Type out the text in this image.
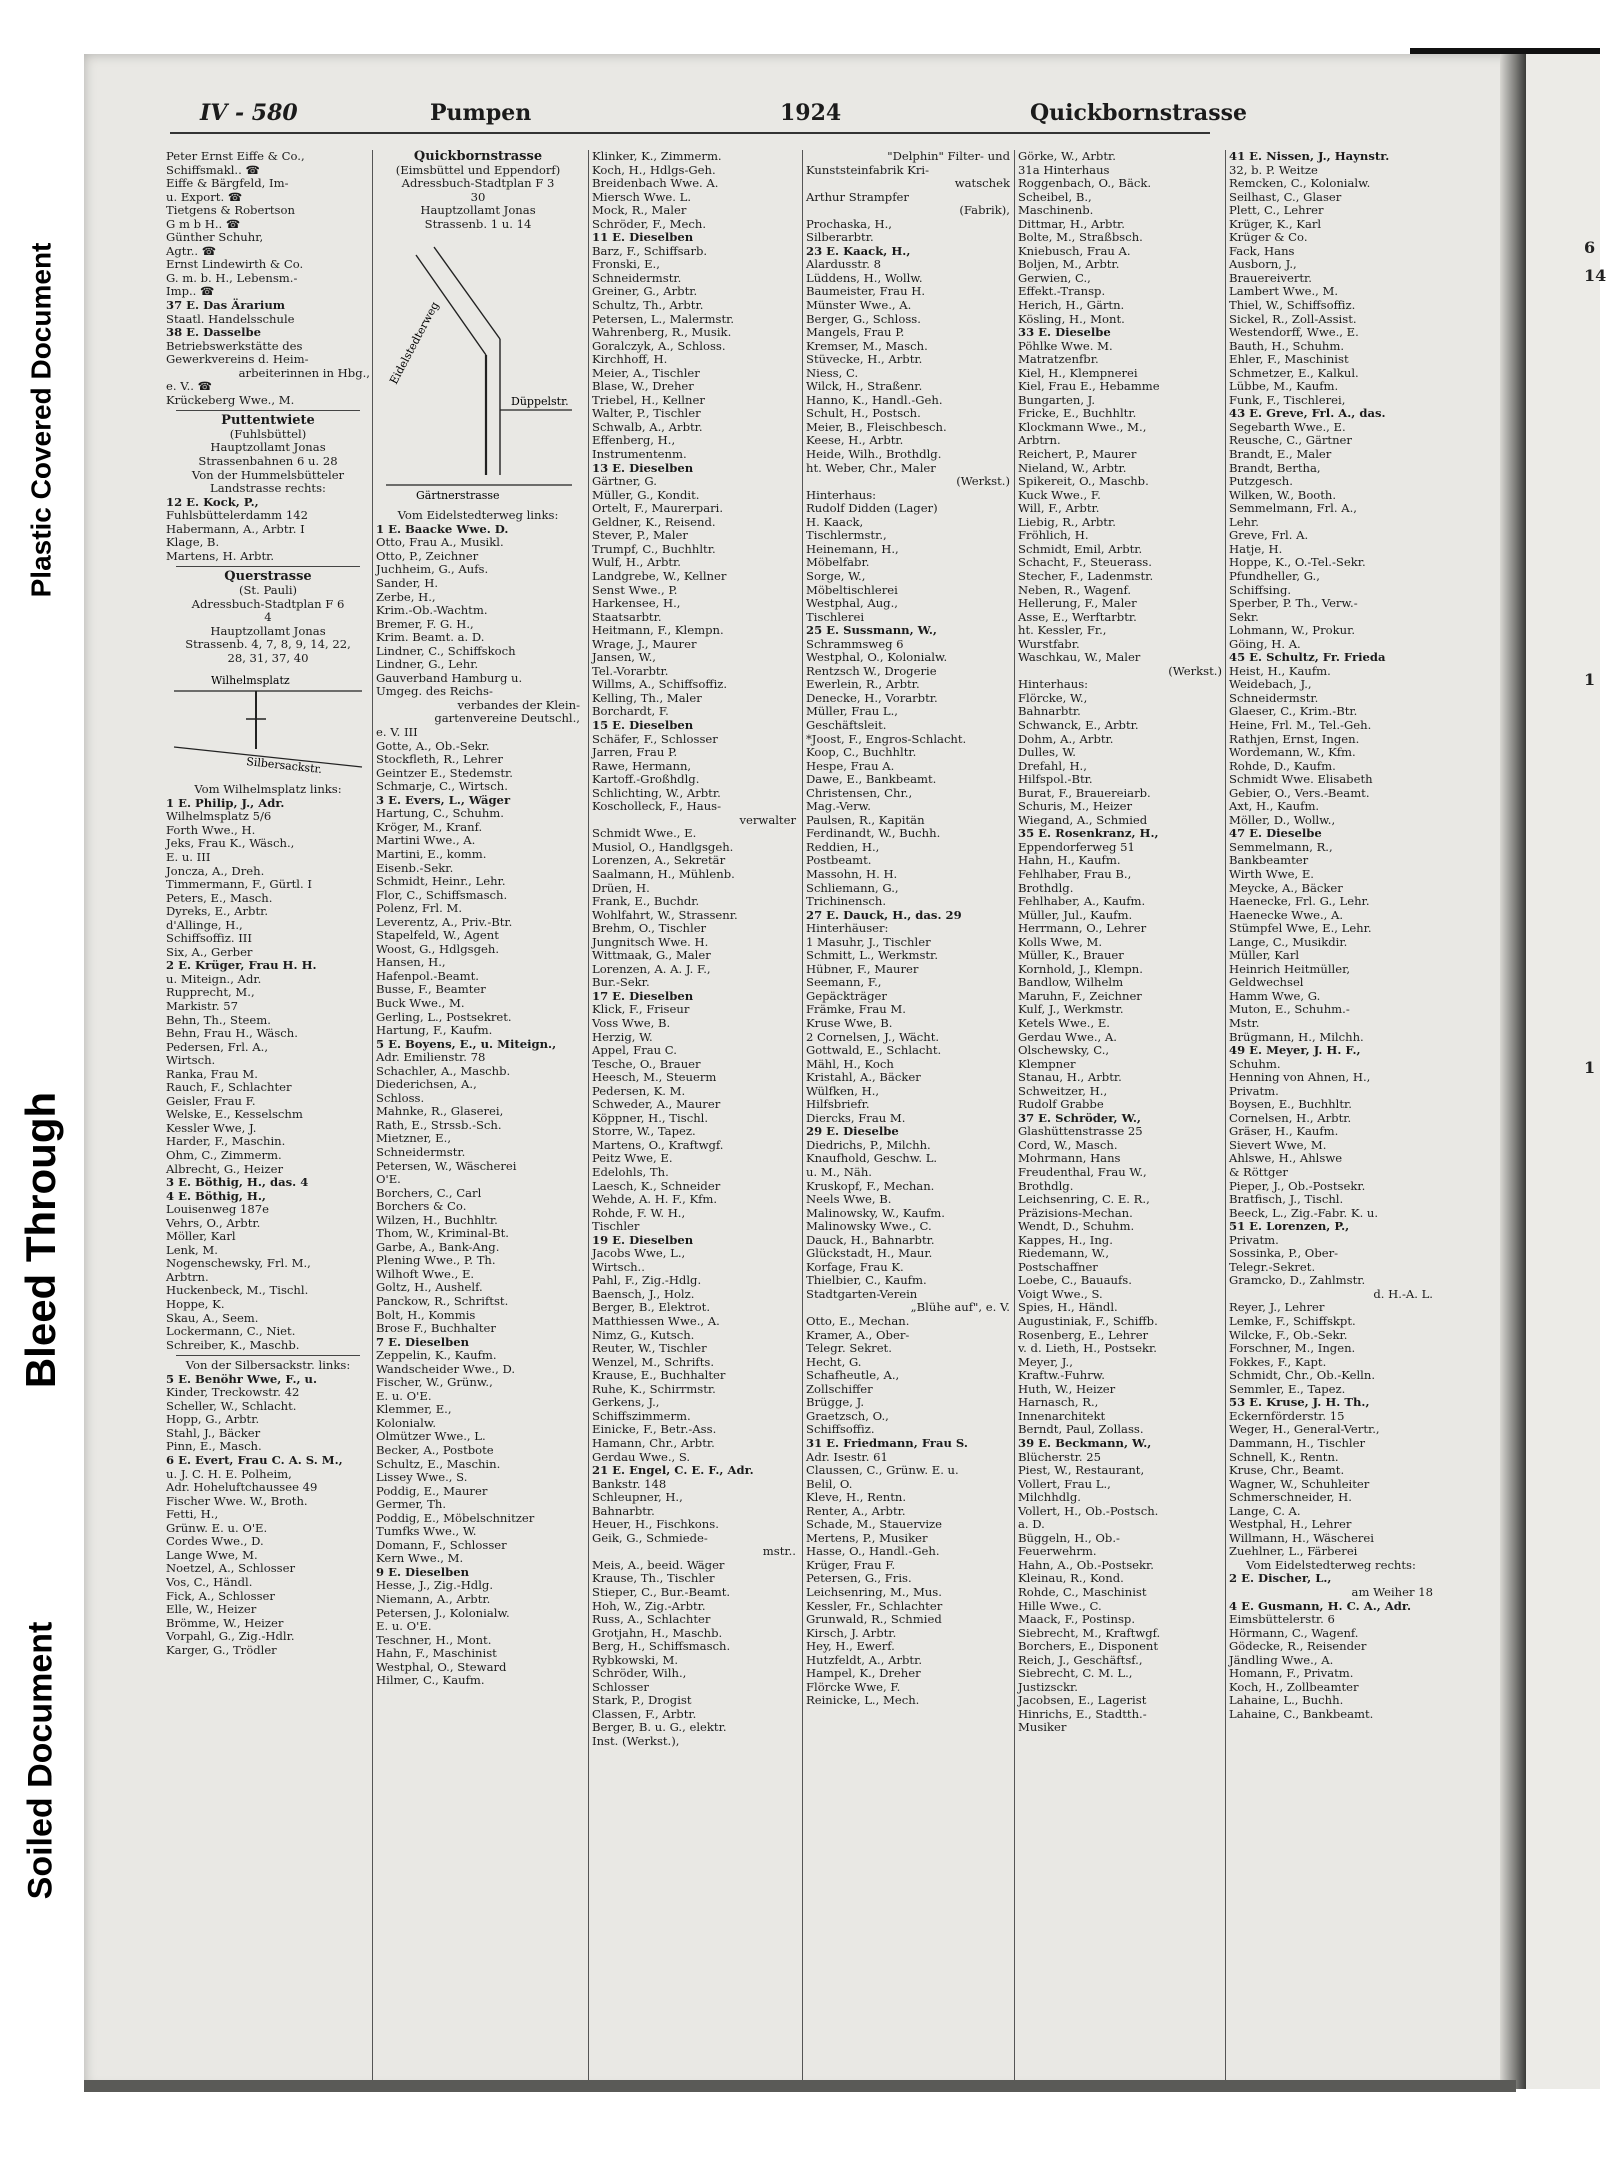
Soiled Document
Bleed Through
Plastic Covered Document	6
14
1
1
IV - 580	Pumpen	1924	Quickbornstrasse
Peter Ernst Eiffe & Co.,
Schiffsmakl.. ☎
Eiffe & Bärgfeld, Im-
u. Export. ☎
Tietgens & Robertson
G m b H.. ☎
Günther Schuhr,
Agtr.. ☎
Ernst Lindewirth & Co.
G. m. b. H., Lebensm.-
Imp.. ☎
37 E. Das Ärarium
Staatl. Handelsschule
38 E. Dasselbe
Betriebswerkstätte des
Gewerkvereins d. Heim-
arbeiterinnen in Hbg.,
e. V.. ☎
Krückeberg Wwe., M.
Puttentwiete
(Fuhlsbüttel)
Hauptzollamt Jonas
Strassenbahnen 6 u. 28
Von der Hummelsbütteler
Landstrasse rechts:
12 E. Kock, P.,
Fuhlsbüttelerdamm 142
Habermann, A., Arbtr. I
Klage, B.
Martens, H. Arbtr.
Querstrasse
(St. Pauli)
Adressbuch-Stadtplan F 6
4
Hauptzollamt Jonas
Strassenb. 4, 7, 8, 9, 14, 22,
28, 31, 37, 40
Wilhelmsplatz
Silbersackstr.
Vom Wilhelmsplatz links:
1 E. Philip, J., Adr.
Wilhelmsplatz 5/6
Forth Wwe., H.
Jeks, Frau K., Wäsch.,
E. u. III
Joncza, A., Dreh.
Timmermann, F., Gürtl. I
Peters, E., Masch.
Dyreks, E., Arbtr.
d'Allinge, H.,
Schiffsoffiz. III
Six, A., Gerber
2 E. Krüger, Frau H. H.
u. Miteign., Adr.
Rupprecht, M.,
Markistr. 57
Behn, Th., Steem.
Behn, Frau H., Wäsch.
Pedersen, Frl. A.,
Wirtsch.
Ranka, Frau M.
Rauch, F., Schlachter
Geisler, Frau F.
Welske, E., Kesselschm
Kessler Wwe, J.
Harder, F., Maschin.
Ohm, C., Zimmerm.
Albrecht, G., Heizer
3 E. Böthig, H., das. 4
4 E. Böthig, H.,
Louisenweg 187e
Vehrs, O., Arbtr.
Möller, Karl
Lenk, M.
Nogenschewsky, Frl. M.,
Arbtrn.
Huckenbeck, M., Tischl.
Hoppe, K.
Skau, A., Seem.
Lockermann, C., Niet.
Schreiber, K., Maschb.
Von der Silbersackstr. links:
5 E. Benöhr Wwe, F., u.
Kinder, Treckowstr. 42
Scheller, W., Schlacht.
Hopp, G., Arbtr.
Stahl, J., Bäcker
Pinn, E., Masch.
6 E. Evert, Frau C. A. S. M.,
u. J. C. H. E. Polheim,
Adr. Hoheluftchaussee 49
Fischer Wwe. W., Broth.
Fetti, H.,
Grünw. E. u. O'E.
Cordes Wwe., D.
Lange Wwe, M.
Noetzel, A., Schlosser
Vos, C., Händl.
Fick, A., Schlosser
Elle, W., Heizer
Brömme, W., Heizer
Vorpahl, G., Zig.-Hdlr.
Karger, G., Trödler
Quickbornstrasse
(Eimsbüttel und Eppendorf)
Adressbuch-Stadtplan F 3
30
Hauptzollamt Jonas
Strassenb. 1 u. 14
Eidelstedterweg
Düppelstr.
Gärtnerstrasse
Vom Eidelstedterweg links:
1 E. Baacke Wwe. D.
Otto, Frau A., Musikl.
Otto, P., Zeichner
Juchheim, G., Aufs.
Sander, H.
Zerbe, H.,
Krim.-Ob.-Wachtm.
Bremer, F. G. H.,
Krim. Beamt. a. D.
Lindner, C., Schiffskoch
Lindner, G., Lehr.
Gauverband Hamburg u.
Umgeg. des Reichs-
verbandes der Klein-
gartenvereine Deutschl.,
e. V. III
Gotte, A., Ob.-Sekr.
Stockfleth, R., Lehrer
Geintzer E., Stedemstr.
Schmarje, C., Wirtsch.
3 E. Evers, L., Wäger
Hartung, C., Schuhm.
Kröger, M., Kranf.
Martini Wwe., A.
Martini, E., komm.
Eisenb.-Sekr.
Schmidt, Heinr., Lehr.
Flor, C., Schiffsmasch.
Polenz, Frl. M.
Leverentz, A., Priv.-Btr.
Stapelfeld, W., Agent
Woost, G., Hdlgsgeh.
Hansen, H.,
Hafenpol.-Beamt.
Busse, F., Beamter
Buck Wwe., M.
Gerling, L., Postsekret.
Hartung, F., Kaufm.
5 E. Boyens, E., u. Miteign.,
Adr. Emilienstr. 78
Schachler, A., Maschb.
Diederichsen, A.,
Schloss.
Mahnke, R., Glaserei,
Rath, E., Strssb.-Sch.
Mietzner, E.,
Schneidermstr.
Petersen, W., Wäscherei
O'E.
Borchers, C., Carl
Borchers & Co.
Wilzen, H., Buchhltr.
Thom, W., Kriminal-Bt.
Garbe, A., Bank-Ang.
Plening Wwe., P. Th.
Wilhoft Wwe., E.
Goltz, H., Aushelf.
Panckow, R., Schriftst.
Bolt, H., Kommis
Brose F., Buchhalter
7 E. Dieselben
Zeppelin, K., Kaufm.
Wandscheider Wwe., D.
Fischer, W., Grünw.,
E. u. O'E.
Klemmer, E.,
Kolonialw.
Olmützer Wwe., L.
Becker, A., Postbote
Schultz, E., Maschin.
Lissey Wwe., S.
Poddig, E., Maurer
Germer, Th.
Poddig, E., Möbelschnitzer
Tumfks Wwe., W.
Domann, F., Schlosser
Kern Wwe., M.
9 E. Dieselben
Hesse, J., Zig.-Hdlg.
Niemann, A., Arbtr.
Petersen, J., Kolonialw.
E. u. O'E.
Teschner, H., Mont.
Hahn, F., Maschinist
Westphal, O., Steward
Hilmer, C., Kaufm.
Klinker, K., Zimmerm.
Koch, H., Hdlgs-Geh.
Breidenbach Wwe. A.
Miersch Wwe. L.
Mock, R., Maler
Schröder, F., Mech.
11 E. Dieselben
Barz, F., Schiffsarb.
Fronski, E.,
Schneidermstr.
Greiner, G., Arbtr.
Schultz, Th., Arbtr.
Petersen, L., Malermstr.
Wahrenberg, R., Musik.
Goralczyk, A., Schloss.
Kirchhoff, H.
Meier, A., Tischler
Blase, W., Dreher
Triebel, H., Kellner
Walter, P., Tischler
Schwalb, A., Arbtr.
Effenberg, H.,
Instrumentenm.
13 E. Dieselben
Gärtner, G.
Müller, G., Kondit.
Ortelt, F., Maurerpari.
Geldner, K., Reisend.
Stever, P., Maler
Trumpf, C., Buchhltr.
Wulf, H., Arbtr.
Landgrebe, W., Kellner
Senst Wwe., P.
Harkensee, H.,
Staatsarbtr.
Heitmann, F., Klempn.
Wrage, J., Maurer
Jansen, W.,
Tel.-Vorarbtr.
Willms, A., Schiffsoffiz.
Kelling, Th., Maler
Borchardt, F.
15 E. Dieselben
Schäfer, F., Schlosser
Jarren, Frau P.
Rawe, Hermann,
Kartoff.-Großhdlg.
Schlichting, W., Arbtr.
Koscholleck, F., Haus-
verwalter
Schmidt Wwe., E.
Musiol, O., Handlgsgeh.
Lorenzen, A., Sekretär
Saalmann, H., Mühlenb.
Drüen, H.
Frank, E., Buchdr.
Wohlfahrt, W., Strassenr.
Brehm, O., Tischler
Jungnitsch Wwe. H.
Wittmaak, G., Maler
Lorenzen, A. A. J. F.,
Bur.-Sekr.
17 E. Dieselben
Klick, F., Friseur
Voss Wwe, B.
Herzig, W.
Appel, Frau C.
Tesche, O., Brauer
Heesch, M., Steuerm
Pedersen, K. M.
Schweder, A., Maurer
Köppner, H., Tischl.
Storre, W., Tapez.
Martens, O., Kraftwgf.
Peitz Wwe, E.
Edelohls, Th.
Laesch, K., Schneider
Wehde, A. H. F., Kfm.
Rohde, F. W. H.,
Tischler
19 E. Dieselben
Jacobs Wwe, L.,
Wirtsch..
Pahl, F., Zig.-Hdlg.
Baensch, J., Holz.
Berger, B., Elektrot.
Matthiessen Wwe., A.
Nimz, G., Kutsch.
Reuter, W., Tischler
Wenzel, M., Schrifts.
Krause, E., Buchhalter
Ruhe, K., Schirrmstr.
Gerkens, J.,
Schiffszimmerm.
Einicke, F., Betr.-Ass.
Hamann, Chr., Arbtr.
Gerdau Wwe., S.
21 E. Engel, C. E. F., Adr.
Bankstr. 148
Schleupner, H.,
Bahnarbtr.
Heuer, H., Fischkons.
Geik, G., Schmiede-
mstr..
Meis, A., beeid. Wäger
Krause, Th., Tischler
Stieper, C., Bur.-Beamt.
Hoh, W., Zig.-Arbtr.
Russ, A., Schlachter
Grotjahn, H., Maschb.
Berg, H., Schiffsmasch.
Rybkowski, M.
Schröder, Wilh.,
Schlosser
Stark, P., Drogist
Classen, F., Arbtr.
Berger, B. u. G., elektr.
Inst. (Werkst.),
"Delphin" Filter- und
Kunststeinfabrik Kri-
watschek
Arthur Strampfer
(Fabrik),
Prochaska, H.,
Silberarbtr.
23 E. Kaack, H.,
Alardusstr. 8
Lüddens, H., Wollw.
Baumeister, Frau H.
Münster Wwe., A.
Berger, G., Schloss.
Mangels, Frau P.
Kremser, M., Masch.
Stüvecke, H., Arbtr.
Niess, C.
Wilck, H., Straßenr.
Hanno, K., Handl.-Geh.
Schult, H., Postsch.
Meier, B., Fleischbesch.
Keese, H., Arbtr.
Heide, Wilh., Brothdlg.
ht. Weber, Chr., Maler
(Werkst.)
Hinterhaus:
Rudolf Didden (Lager)
H. Kaack,
Tischlermstr.,
Heinemann, H.,
Möbelfabr.
Sorge, W.,
Möbeltischlerei
Westphal, Aug.,
Tischlerei
25 E. Sussmann, W.,
Schrammsweg 6
Westphal, O., Kolonialw.
Rentzsch W., Drogerie
Ewerlein, R., Arbtr.
Denecke, H., Vorarbtr.
Müller, Frau L.,
Geschäftsleit.
*Joost, F., Engros-Schlacht.
Koop, C., Buchhltr.
Hespe, Frau A.
Dawe, E., Bankbeamt.
Christensen, Chr.,
Mag.-Verw.
Paulsen, R., Kapitän
Ferdinandt, W., Buchh.
Reddien, H.,
Postbeamt.
Massohn, H. H.
Schliemann, G.,
Trichinensch.
27 E. Dauck, H., das. 29
Hinterhäuser:
1 Masuhr, J., Tischler
Schmitt, L., Werkmstr.
Hübner, F., Maurer
Seemann, F.,
Gepäckträger
Främke, Frau M.
Kruse Wwe, B.
2 Cornelsen, J., Wächt.
Gottwald, E., Schlacht.
Mähl, H., Koch
Kristahl, A., Bäcker
Wülfken, H.,
Hilfsbriefr.
Diercks, Frau M.
29 E. Dieselbe
Diedrichs, P., Milchh.
Knaufhold, Geschw. L.
u. M., Näh.
Kruskopf, F., Mechan.
Neels Wwe, B.
Malinowsky, W., Kaufm.
Malinowsky Wwe., C.
Dauck, H., Bahnarbtr.
Glückstadt, H., Maur.
Korfage, Frau K.
Thielbier, C., Kaufm.
Stadtgarten-Verein
„Blühe auf", e. V.
Otto, E., Mechan.
Kramer, A., Ober-
Telegr. Sekret.
Hecht, G.
Schafheutle, A.,
Zollschiffer
Brügge, J.
Graetzsch, O.,
Schiffsoffiz.
31 E. Friedmann, Frau S.
Adr. Isestr. 61
Claussen, C., Grünw. E. u.
Belil, O.
Kleve, H., Rentn.
Renter, A., Arbtr.
Schade, M., Stauervize
Mertens, P., Musiker
Hasse, O., Handl.-Geh.
Krüger, Frau F.
Petersen, G., Fris.
Leichsenring, M., Mus.
Kessler, Fr., Schlachter
Grunwald, R., Schmied
Kirsch, J. Arbtr.
Hey, H., Ewerf.
Hutzfeldt, A., Arbtr.
Hampel, K., Dreher
Flörcke Wwe, F.
Reinicke, L., Mech.
Görke, W., Arbtr.
31a Hinterhaus
Roggenbach, O., Bäck.
Scheibel, B.,
Maschinenb.
Dittmar, H., Arbtr.
Bolte, M., Straßbsch.
Kniebusch, Frau A.
Boljen, M., Arbtr.
Gerwien, C.,
Effekt.-Transp.
Herich, H., Gärtn.
Kösling, H., Mont.
33 E. Dieselbe
Pöhlke Wwe. M.
Matratzenfbr.
Kiel, H., Klempnerei
Kiel, Frau E., Hebamme
Bungarten, J.
Fricke, E., Buchhltr.
Klockmann Wwe., M.,
Arbtrn.
Reichert, P., Maurer
Nieland, W., Arbtr.
Spikereit, O., Maschb.
Kuck Wwe., F.
Will, F., Arbtr.
Liebig, R., Arbtr.
Fröhlich, H.
Schmidt, Emil, Arbtr.
Schacht, F., Steuerass.
Stecher, F., Ladenmstr.
Neben, R., Wagenf.
Hellerung, F., Maler
Asse, E., Werftarbtr.
ht. Kessler, Fr.,
Wurstfabr.
Waschkau, W., Maler
(Werkst.)
Hinterhaus:
Flörcke, W.,
Bahnarbtr.
Schwanck, E., Arbtr.
Dohm, A., Arbtr.
Dulles, W.
Drefahl, H.,
Hilfspol.-Btr.
Burat, F., Brauereiarb.
Schuris, M., Heizer
Wiegand, A., Schmied
35 E. Rosenkranz, H.,
Eppendorferweg 51
Hahn, H., Kaufm.
Fehlhaber, Frau B.,
Brothdlg.
Fehlhaber, A., Kaufm.
Müller, Jul., Kaufm.
Herrmann, O., Lehrer
Kolls Wwe, M.
Müller, K., Brauer
Kornhold, J., Klempn.
Bandlow, Wilhelm
Maruhn, F., Zeichner
Kulf, J., Werkmstr.
Ketels Wwe., E.
Gerdau Wwe., A.
Olschewsky, C.,
Klempner
Stanau, H., Arbtr.
Schweitzer, H.,
Rudolf Grabbe
37 E. Schröder, W.,
Glashüttenstrasse 25
Cord, W., Masch.
Mohrmann, Hans
Freudenthal, Frau W.,
Brothdlg.
Leichsenring, C. E. R.,
Präzisions-Mechan.
Wendt, D., Schuhm.
Kappes, H., Ing.
Riedemann, W.,
Postschaffner
Loebe, C., Bauaufs.
Voigt Wwe., S.
Spies, H., Händl.
Augustiniak, F., Schiffb.
Rosenberg, E., Lehrer
v. d. Lieth, H., Postsekr.
Meyer, J.,
Kraftw.-Fuhrw.
Huth, W., Heizer
Harnasch, R.,
Innenarchitekt
Berndt, Paul, Zollass.
39 E. Beckmann, W.,
Blücherstr. 25
Piest, W., Restaurant,
Vollert, Frau L.,
Milchhdlg.
Vollert, H., Ob.-Postsch.
a. D.
Büggeln, H., Ob.-
Feuerwehrm.
Hahn, A., Ob.-Postsekr.
Kleinau, R., Kond.
Rohde, C., Maschinist
Hille Wwe., C.
Maack, F., Postinsp.
Siebrecht, M., Kraftwgf.
Borchers, E., Disponent
Reich, J., Geschäftsf.,
Siebrecht, C. M. L.,
Justizsckr.
Jacobsen, E., Lagerist
Hinrichs, E., Stadtth.-
Musiker
41 E. Nissen, J., Haynstr.
32, b. P. Weitze
Remcken, C., Kolonialw.
Seilhast, C., Glaser
Plett, C., Lehrer
Krüger, K., Karl
Krüger & Co.
Fack, Hans
Ausborn, J.,
Brauereivertr.
Lambert Wwe., M.
Thiel, W., Schiffsoffiz.
Sickel, R., Zoll-Assist.
Westendorff, Wwe., E.
Bauth, H., Schuhm.
Ehler, F., Maschinist
Schmetzer, E., Kalkul.
Lübbe, M., Kaufm.
Funk, F., Tischlerei,
43 E. Greve, Frl. A., das.
Segebarth Wwe., E.
Reusche, C., Gärtner
Brandt, E., Maler
Brandt, Bertha,
Putzgesch.
Wilken, W., Booth.
Semmelmann, Frl. A.,
Lehr.
Greve, Frl. A.
Hatje, H.
Hoppe, K., O.-Tel.-Sekr.
Pfundheller, G.,
Schiffsing.
Sperber, P. Th., Verw.-
Sekr.
Lohmann, W., Prokur.
Göing, H. A.
45 E. Schultz, Fr. Frieda
Heist, H., Kaufm.
Weidebach, J.,
Schneidermstr.
Glaeser, C., Krim.-Btr.
Heine, Frl. M., Tel.-Geh.
Rathjen, Ernst, Ingen.
Wordemann, W., Kfm.
Rohde, D., Kaufm.
Schmidt Wwe. Elisabeth
Gebier, O., Vers.-Beamt.
Axt, H., Kaufm.
Möller, D., Wollw.,
47 E. Dieselbe
Semmelmann, R.,
Bankbeamter
Wirth Wwe, E.
Meycke, A., Bäcker
Haenecke, Frl. G., Lehr.
Haenecke Wwe., A.
Stümpfel Wwe, E., Lehr.
Lange, C., Musikdir.
Müller, Karl
Heinrich Heitmüller,
Geldwechsel
Hamm Wwe, G.
Muton, E., Schuhm.-
Mstr.
Brügmann, H., Milchh.
49 E. Meyer, J. H. F.,
Schuhm.
Henning von Ahnen, H.,
Privatm.
Boysen, E., Buchhltr.
Cornelsen, H., Arbtr.
Gräser, H., Kaufm.
Sievert Wwe, M.
Ahlswe, H., Ahlswe
& Röttger
Pieper, J., Ob.-Postsekr.
Bratfisch, J., Tischl.
Beeck, L., Zig.-Fabr. K. u.
51 E. Lorenzen, P.,
Privatm.
Sossinka, P., Ober-
Telegr.-Sekret.
Gramcko, D., Zahlmstr.
d. H.-A. L.
Reyer, J., Lehrer
Lemke, F., Schiffskpt.
Wilcke, F., Ob.-Sekr.
Forschner, M., Ingen.
Fokkes, F., Kapt.
Schmidt, Chr., Ob.-Kelln.
Semmler, E., Tapez.
53 E. Kruse, J. H. Th.,
Eckernförderstr. 15
Weger, H., General-Vertr.,
Dammann, H., Tischler
Schnell, K., Rentn.
Kruse, Chr., Beamt.
Wagner, W., Schuhleiter
Schmerschneider, H.
Lange, C. A.
Westphal, H., Lehrer
Willmann, H., Wäscherei
Zuehlner, L., Färberei
Vom Eidelstedterweg rechts:
2 E. Discher, L.,
am Weiher 18
4 E. Gusmann, H. C. A., Adr.
Eimsbüttelerstr. 6
Hörmann, C., Wagenf.
Gödecke, R., Reisender
Jändling Wwe., A.
Homann, F., Privatm.
Koch, H., Zollbeamter
Lahaine, L., Buchh.
Lahaine, C., Bankbeamt.
